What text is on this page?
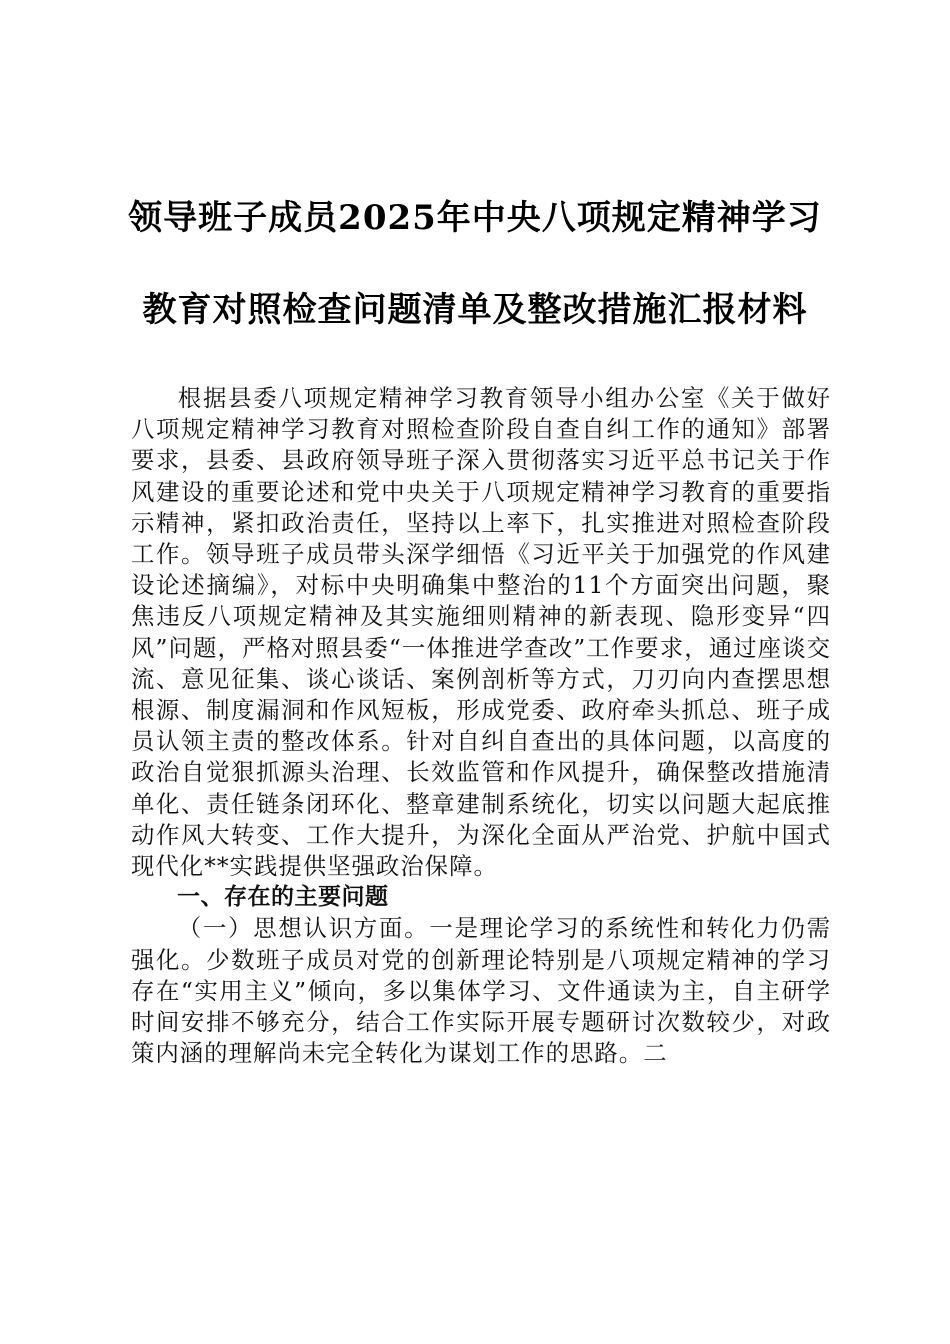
领导班子成员2025年中央八项规定精神学习
教育对照检查问题清单及整改措施汇报材料

根据县委八项规定精神学习教育领导小组办公室《关于做好八项规定精神学习教育对照检查阶段自查自纠工作的通知》部署要求，县委、县政府领导班子深入贯彻落实习近平总书记关于作风建设的重要论述和党中央关于八项规定精神学习教育的重要指示精神，紧扣政治责任，坚持以上率下，扎实推进对照检查阶段工作。领导班子成员带头深学细悟《习近平关于加强党的作风建设论述摘编》，对标中央明确集中整治的11个方面突出问题，聚焦违反八项规定精神及其实施细则精神的新表现、隐形变异“四风”问题，严格对照县委“一体推进学查改”工作要求，通过座谈交流、意见征集、谈心谈话、案例剖析等方式，刀刃向内查摆思想根源、制度漏洞和作风短板，形成党委、政府牵头抓总、班子成员认领主责的整改体系。针对自纠自查出的具体问题，以高度的政治自觉狠抓源头治理、长效监管和作风提升，确保整改措施清单化、责任链条闭环化、整章建制系统化，切实以问题大起底推动作风大转变、工作大提升，为深化全面从严治党、护航中国式现代化**实践提供坚强政治保障。

一、存在的主要问题

（一）思想认识方面。一是理论学习的系统性和转化力仍需强化。少数班子成员对党的创新理论特别是八项规定精神的学习存在“实用主义”倾向，多以集体学习、文件通读为主，自主研学时间安排不够充分，结合工作实际开展专题研讨次数较少，对政策内涵的理解尚未完全转化为谋划工作的思路。二
